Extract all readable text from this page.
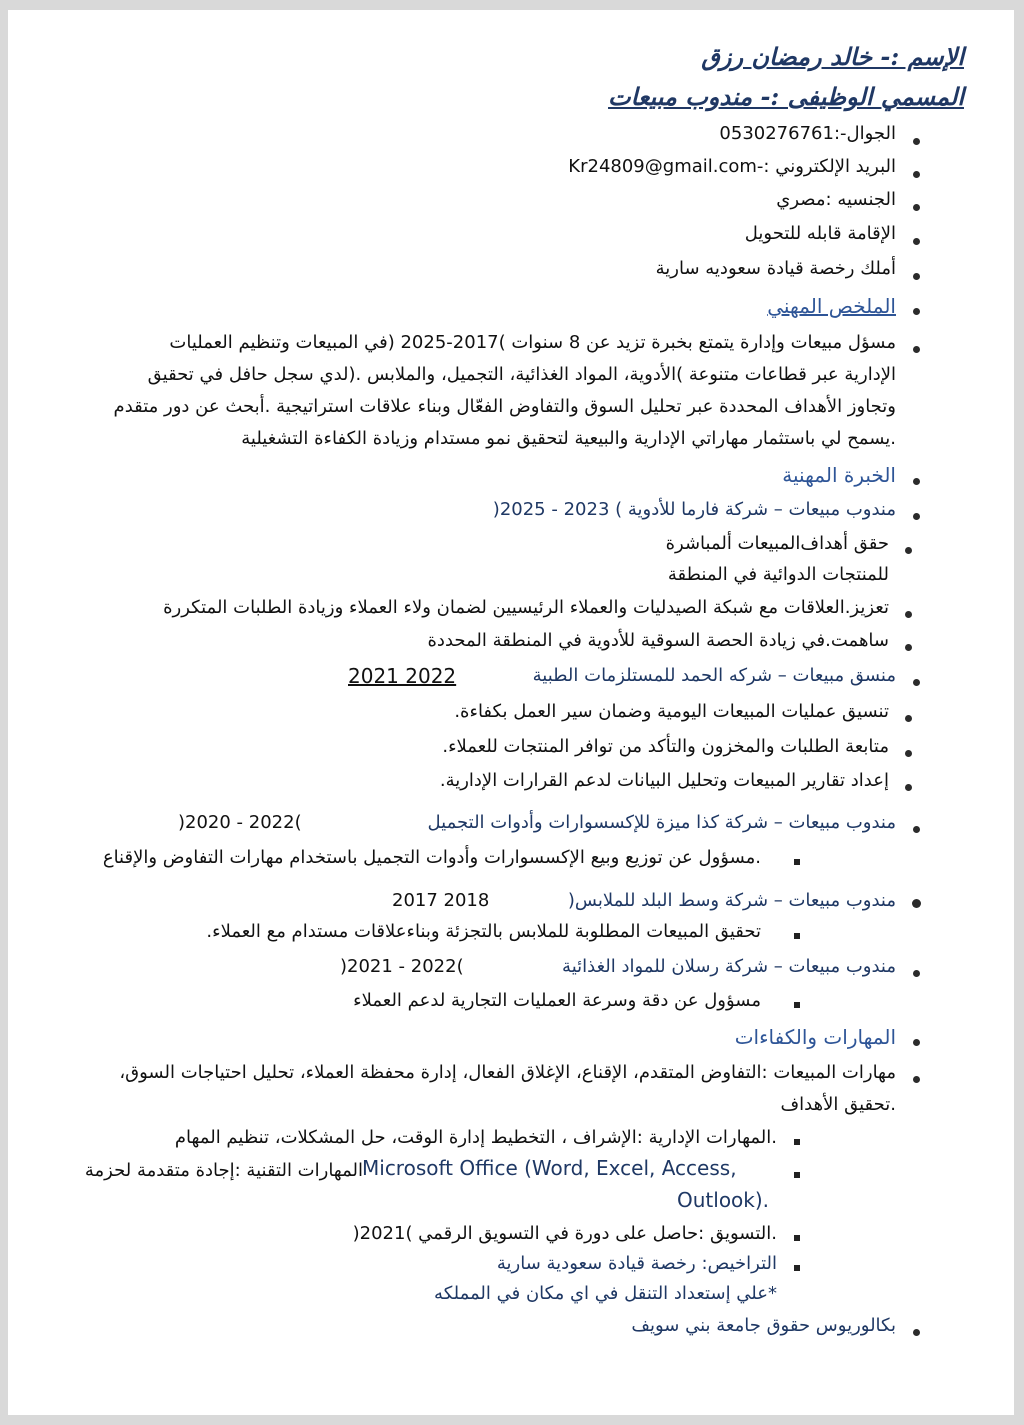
الإسم :- خالد رمضان رزق
المسمي الوظيفى :- مندوب مبيعات
الجوال-:0530276761
البريد الإلكتروني :-Kr24809@gmail.com
الجنسيه :مصري
الإقامة قابله للتحويل
أملك رخصة قيادة سعوديه سارية
الملخص المهني
مسؤل مبيعات وإدارة يتمتع بخبرة تزيد عن 8 سنوات )2017-2025 (في المبيعات وتنظيم العمليات
الإدارية عبر قطاعات متنوعة )الأدوية، المواد الغذائية، التجميل، والملابس .(لدي سجل حافل في تحقيق
وتجاوز الأهداف المحددة عبر تحليل السوق والتفاوض الفعّال وبناء علاقات استراتيجية .أبحث عن دور متقدم
.يسمح لي باستثمار مهاراتي الإدارية والبيعية لتحقيق نمو مستدام وزيادة الكفاءة التشغيلية
الخبرة المهنية
مندوب مبيعات – شركة فارما للأدوية ) 2023 - 2025(
حقق أهداف‌المبيعات ألمباشرة
للمنتجات الدوائية في المنطقة
تعزيز.العلاقات مع شبكة الصيدليات والعملاء الرئيسيين لضمان ولاء العملاء وزيادة الطلبات المتكررة
ساهمت.في زيادة الحصة السوقية للأدوية في المنطقة المحددة
منسق مبيعات – شركه الحمد للمستلزمات الطبية
2021 2022
تنسيق عمليات المبيعات اليومية وضمان سير العمل بكفاءة.
متابعة الطلبات والمخزون والتأكد من توافر المنتجات للعملاء.
إعداد تقارير المبيعات وتحليل البيانات لدعم القرارات الإدارية.
مندوب مبيعات – شركة كذا ميزة للإكسسوارات وأدوات التجميل
)2020 - 2022(
.مسؤول عن توزيع وبيع الإكسسوارات وأدوات التجميل باستخدام مهارات التفاوض والإقناع
مندوب مبيعات – شركة وسط البلد للملابس(
2017 2018
تحقيق المبيعات المطلوبة للملابس بالتجزئة وبناء‌علاقات مستدام مع العملاء.
مندوب مبيعات – شركة رسلان للمواد الغذائية
)2021 - 2022(
مسؤول عن دقة وسرعة العمليات التجارية لدعم العملاء
المهارات والكفاءات
مهارات المبيعات :التفاوض المتقدم، الإقناع، الإغلاق الفعال، إدارة محفظة العملاء، تحليل احتياجات السوق،
.تحقيق الأهداف
.المهارات الإدارية :الإشراف ، التخطيط إدارة الوقت، حل المشكلات، تنظيم المهام
المهارات التقنية :إجادة متقدمة لحزمة Microsoft Office (Word, Excel, Access,
Outlook).
.التسويق :حاصل على دورة في التسويق الرقمي )2021(
التراخيص: رخصة قيادة سعودية سارية
*علي إستعداد التنقل في اي مكان في المملكه
بكالوريوس حقوق جامعة بني سويف
